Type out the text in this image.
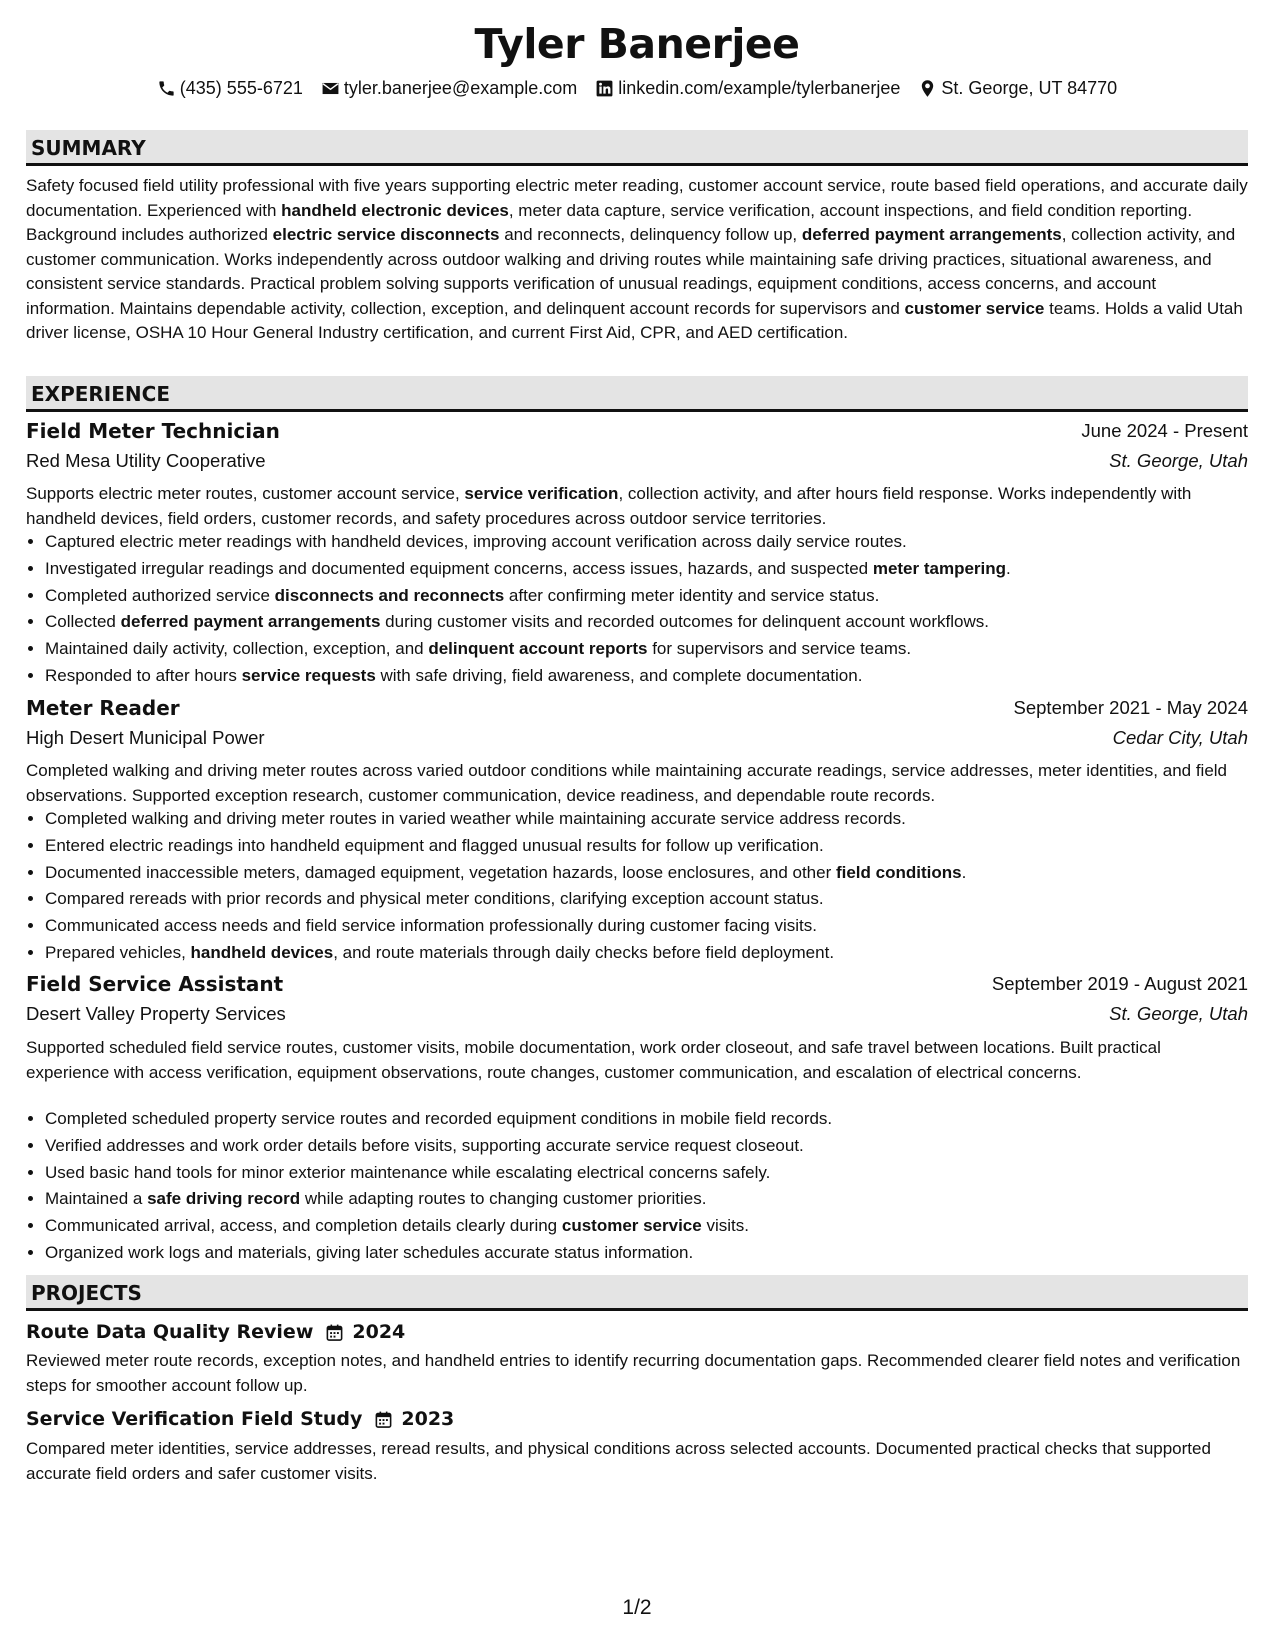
Tyler Banerjee
(435) 555-6721 tyler.banerjee@example.com linkedin.com/example/tylerbanerjee St. George, UT 84770
SUMMARY
Safety focused field utility professional with five years supporting electric meter reading, customer account service, route based field operations, and accurate daily documentation. Experienced with handheld electronic devices, meter data capture, service verification, account inspections, and field condition reporting. Background includes authorized electric service disconnects and reconnects, delinquency follow up, deferred payment arrangements, collection activity, and customer communication. Works independently across outdoor walking and driving routes while maintaining safe driving practices, situational awareness, and consistent service standards. Practical problem solving supports verification of unusual readings, equipment conditions, access concerns, and account information. Maintains dependable activity, collection, exception, and delinquent account records for supervisors and customer service teams. Holds a valid Utah driver license, OSHA 10 Hour General Industry certification, and current First Aid, CPR, and AED certification.
EXPERIENCE
Field Meter Technician	June 2024 - Present
Red Mesa Utility Cooperative	St. George, Utah
Supports electric meter routes, customer account service, service verification, collection activity, and after hours field response. Works independently with handheld devices, field orders, customer records, and safety procedures across outdoor service territories.
• Captured electric meter readings with handheld devices, improving account verification across daily service routes.
• Investigated irregular readings and documented equipment concerns, access issues, hazards, and suspected meter tampering.
• Completed authorized service disconnects and reconnects after confirming meter identity and service status.
• Collected deferred payment arrangements during customer visits and recorded outcomes for delinquent account workflows.
• Maintained daily activity, collection, exception, and delinquent account reports for supervisors and service teams.
• Responded to after hours service requests with safe driving, field awareness, and complete documentation.
Meter Reader	September 2021 - May 2024
High Desert Municipal Power	Cedar City, Utah
Completed walking and driving meter routes across varied outdoor conditions while maintaining accurate readings, service addresses, meter identities, and field observations. Supported exception research, customer communication, device readiness, and dependable route records.
• Completed walking and driving meter routes in varied weather while maintaining accurate service address records.
• Entered electric readings into handheld equipment and flagged unusual results for follow up verification.
• Documented inaccessible meters, damaged equipment, vegetation hazards, loose enclosures, and other field conditions.
• Compared rereads with prior records and physical meter conditions, clarifying exception account status.
• Communicated access needs and field service information professionally during customer facing visits.
• Prepared vehicles, handheld devices, and route materials through daily checks before field deployment.
Field Service Assistant	September 2019 - August 2021
Desert Valley Property Services	St. George, Utah
Supported scheduled field service routes, customer visits, mobile documentation, work order closeout, and safe travel between locations. Built practical experience with access verification, equipment observations, route changes, customer communication, and escalation of electrical concerns.
• Completed scheduled property service routes and recorded equipment conditions in mobile field records.
• Verified addresses and work order details before visits, supporting accurate service request closeout.
• Used basic hand tools for minor exterior maintenance while escalating electrical concerns safely.
• Maintained a safe driving record while adapting routes to changing customer priorities.
• Communicated arrival, access, and completion details clearly during customer service visits.
• Organized work logs and materials, giving later schedules accurate status information.
PROJECTS
Route Data Quality Review 2024
Reviewed meter route records, exception notes, and handheld entries to identify recurring documentation gaps. Recommended clearer field notes and verification steps for smoother account follow up.
Service Verification Field Study 2023
Compared meter identities, service addresses, reread results, and physical conditions across selected accounts. Documented practical checks that supported accurate field orders and safer customer visits.
1/2
